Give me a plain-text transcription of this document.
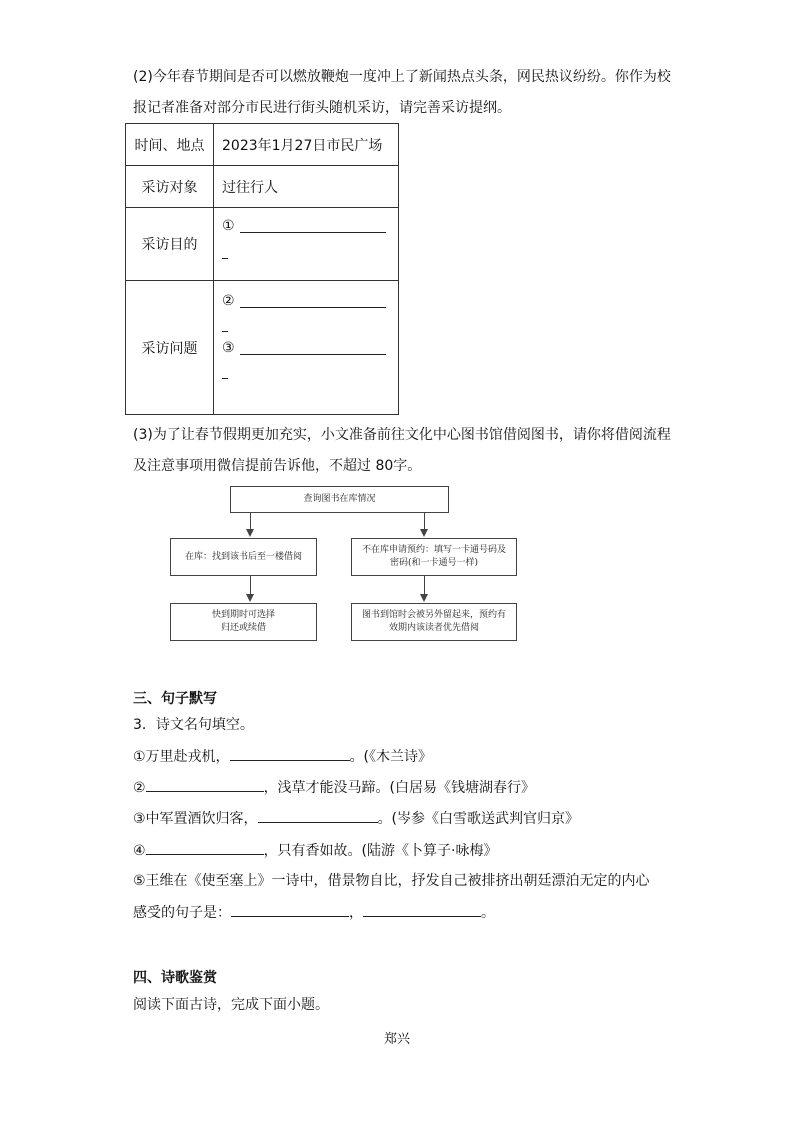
(2)今年春节期间是否可以燃放鞭炮一度冲上了新闻热点头条，网民热议纷纷。你作为校

报记者准备对部分市民进行街头随机采访，请完善采访提纲。

时间、地点	2023年1月27日市民广场
采访对象	过往行人
采访目的	①

采访问题	②
③

(3)为了让春节假期更加充实，小文准备前往文化中心图书馆借阅图书，请你将借阅流程

及注意事项用微信提前告诉他，不超过 80字。

查询图书在库情况
在库：找到该书后至一楼借阅
不在库申请预约：填写一卡通号码及
密码(和一卡通号一样)
快到期时可选择
归还或续借
图书到馆时会被另外留起来，预约有
效期内该读者优先借阅

三、句子默写

3．诗文名句填空。

①万里赴戎机，	。(《木兰诗》

②	，浅草才能没马蹄。(白居易《钱塘湖春行》

③中军置酒饮归客，	。(岑参《白雪歌送武判官归京》

④	，只有香如故。(陆游《卜算子·咏梅》

⑤王维在《使至塞上》一诗中，借景物自比，抒发自己被排挤出朝廷漂泊无定的内心

感受的句子是：	，	。

四、诗歌鉴赏

阅读下面古诗，完成下面小题。

郑兴
